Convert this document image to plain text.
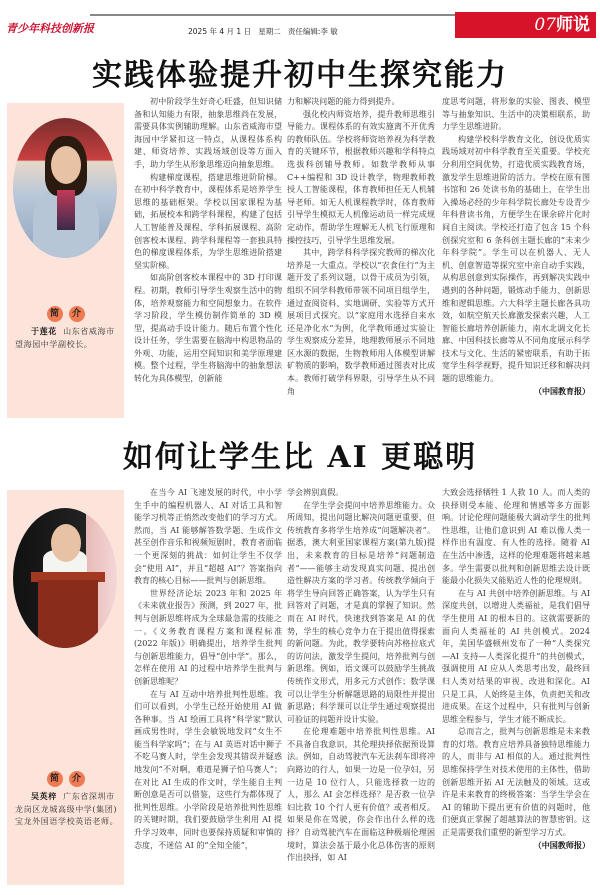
青少年科技创新报	2025 年 4 月 1 日 星期二 责任编辑:李 敏	07师说
实践体验提升初中生探究能力
简 介
于莲花 山东省威海市望海园中学副校长。

初中阶段学生好奇心旺盛，但知识储备和认知能力有限，抽象思维尚在发展，需要具体实例辅助理解。山东省威海市望海园中学紧扣这一特点，从课程体系构建、师资培养、实践场域创设等方面入手，助力学生从形象思维迈向抽象思维。

构建梯度课程，搭建思维进阶阶梯。在初中科学教育中，课程体系是培养学生思维的基础框架。学校以国家课程为基础，拓展校本和跨学科课程，构建了包括人工智能普及课程、学科拓展课程、高阶创客校本课程、跨学科课程等一套独具特色的梯度课程体系，为学生思维进阶搭建坚实阶梯。

如高阶创客校本课程中的 3D 打印课程。初期，教师引导学生观察生活中的物体，培养观察能力和空间想象力。在软件学习阶段，学生模仿制作简单的 3D 模型，提高动手设计能力。随后布置个性化设计任务，学生需要在脑海中构思物品的外观、功能，运用空间知识和美学原理建模。整个过程，学生将脑海中的抽象想法转化为具体模型，创新能

力和解决问题的能力得到提升。

强化校内师资培养，提升教师思维引导能力。课程体系的有效实施离不开优秀的教师队伍。学校将师资培养视为科学教育的关键环节，根据教师兴趣和学科特点选拔科创辅导教师。如数学教师从事 C++编程和 3D 设计教学，物理教师教授人工智能课程，体育教师担任无人机辅导老师。如无人机课程教学时，体育教师引导学生模拟无人机像运动员一样完成规定动作，帮助学生理解无人机飞行原理和操控技巧，引导学生思维发展。

其中，跨学科科学探究教师的梯次化培养是一大重点。学校以“衣食住行”为主题开发了系列议题，以骨干成员为引领，组织不同学科教师带领不同项目组学生，通过查阅资料、实地调研、实验等方式开展项目式探究。以“家庭用水选择自来水还是净化水”为例，化学教师通过实验让学生观察成分差异，地理教师展示不同地区水源的数据，生物教师用人体模型讲解矿物质的影响，数学教师通过图表对比成本。教师打破学科界限，引导学生从不同角

度思考问题，将形象的实验、图表、模型等与抽象知识、生活中的决策相联系，助力学生思维进阶。

构建学校科学教育文化，创设优质实践场域对初中科学教育至关重要。学校充分利用空间优势，打造优质实践教育场，激发学生思维进阶的活力。学校在原有图书馆和 26 处读书角的基础上，在学生出入操场必经的少年科学院长廊处专设青少年科普读书角，方便学生在课余碎片化时间自主阅读。学校还打造了包含 15 个科创探究室和 6 条科创主题长廊的“未来少年科学院”。学生可以在机器人、无人机、创意智造等探究室中亲自动手实践，从构思创意到实际操作，再到解决实践中遇到的各种问题，锻炼动手能力、创新思维和逻辑思维。六大科学主题长廊各具功效，如航空航天长廊激发探索兴趣，人工智能长廊培养创新能力，南水北调文化长廊、中国科技长廊等从不同角度展示科学技术与文化、生活的紧密联系，有助于拓宽学生科学视野，提升知识迁移和解决问题的思维能力。

（中国教育报）
如何让学生比 AI 更聪明
简 介
吴英梓 广东省深圳市龙岗区龙城高级中学(集团)宝龙外国语学校英语老师。

在当今 AI 飞速发展的时代，中小学生手中的编程机器人、AI 对话工具和智能学习机等正悄然改变他们的学习方式。然而，当 AI 能够解答数学题、生成作文甚至创作音乐和视频短剧时，教育者面临一个更深刻的挑战：如何让学生不仅学会“使用 AI”，并且“超越 AI”？答案指向教育的核心目标——批判与创新思维。

世界经济论坛 2023 年和 2025 年《未来就业报告》预测，到 2027 年，批判与创新思维将成为全球最急需的技能之一。《义务教育课程方案和课程标准(2022 年版)》明确提出，培养学生批判与创新思维能力，倡导“创中学”。那么，怎样在使用 AI 的过程中培养学生批判与创新思维呢？

在与 AI 互动中培养批判性思维。我们可以看到，小学生已经开始使用 AI 做各种事。当 AI 绘画工具将“科学家”默认画成男性时，学生会敏锐地发问“女生不能当科学家吗”；在与 AI 英语对话中狮子不吃马赛人时，学生会发现其错误并疑惑地发问“不对啊，难道是狮子怕马赛人”；在对比 AI 生成的作文时，学生能自主判断创意是否可以借鉴，这些行为都体现了批判性思维。小学阶段是培养批判性思维的关键时期，我们要鼓励学生利用 AI 提升学习效率，同时也要保持质疑和审慎的态度，不迷信 AI 的“全知全能”，

学会辨别真假。

在学生学会提问中培养思维能力。众所周知，提出问题比解决问题更重要，但传统教育多将学生培养成“问题解决者”。据悉，澳大利亚国家课程方案(第九版)提出，未来教育的目标是培养“问题制造者”——能够主动发现真实问题、提出创造性解决方案的学习者。传统教学倾向于将学生导向回答正确答案，认为学生只有回答对了问题，才是真的掌握了知识。然而在 AI 时代，快速找到答案是 AI 的优势，学生的核心竞争力在于提出值得探索的新问题。为此，教学要转向苏格拉底式的访问法，激发学生提问，培养批判与创新思维。例如，语文课可以鼓励学生挑战传统作文形式，用多元方式创作；数学课可以让学生分析解题思路的局限性并提出新思路；科学课可以让学生通过观察提出可验证的问题并设计实验。

在伦理难题中培养批判性思维。AI 不具备自我意识，其伦理抉择依据预设算法。例如，自动驾驶汽车无法刹车即将冲向路边的行人，如果一边是一位孕妇，另一边是 10 位行人，只能选择救一边的人，那么 AI 会怎样选择？是否救一位孕妇比救 10 个行人更有价值？或者相反。如果是你在驾驶，你会作出什么样的选择？自动驾驶汽车在面临这种极端伦理困境时，算法会基于最小化总体伤害的原则作出抉择，如 AI

大致会选择牺牲 1 人救 10 人。而人类的抉择则受本能、伦理和情感等多方面影响。讨论伦理问题能极大调动学生的批判性思维，让他们意识到 AI 难以像人类一样作出有温度、有人性的选择。随着 AI 在生活中渗透，这样的伦理难题将越来越多。学生需要以批判和创新思维去设计既能最小化损失又能贴近人性的伦理规则。

在与 AI 共创中培养创新思维。与 AI 深度共创，以增进人类福祉，是我们倡导学生使用 AI 的根本目的。这就需要新的面向人类福祉的 AI 共创模式。2024 年，美国华盛顿州发布了一种“人类探究—AI 支持—人类深化提升”的共创模式，强调使用 AI 应从人类思考出发，最终回归人类对结果的审视、改进和深化。AI 只是工具，人始终是主体，负责把关和改进成果。在这个过程中，只有批判与创新思维全程参与，学生才能不断成长。

总而言之，批判与创新思维是未来教育的灯塔。教育应培养具备独特思维能力的人，而非与 AI 相似的人。通过批判性思维保持学生对技术使用的主体性，借助创新思维开拓 AI 无法触及的领域。这或许是未来教育的终极答案：当学生学会在 AI 的辅助下提出更有价值的问题时，他们便真正掌握了超越算法的智慧密钥。这正是需要我们重塑的新型学习方式。
（中国教师报）
